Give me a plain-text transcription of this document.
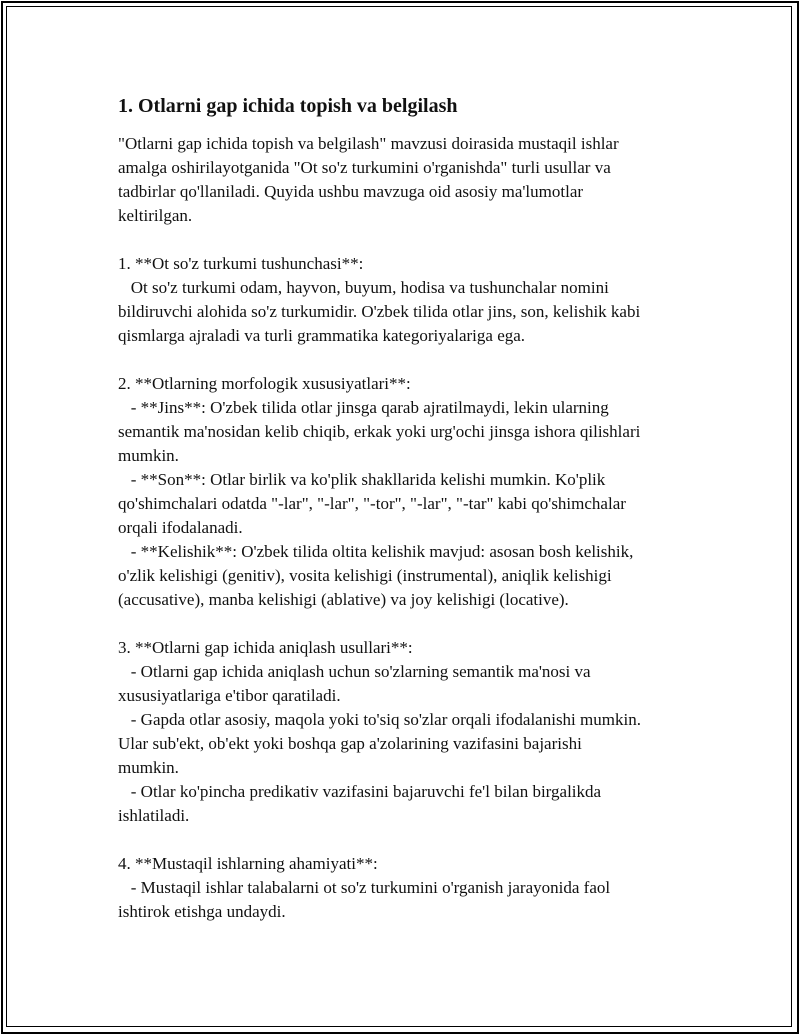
1. Otlarni gap ichida topish va belgilash
"Otlarni gap ichida topish va belgilash" mavzusi doirasida mustaqil ishlar
amalga oshirilayotganida "Ot so'z turkumini o'rganishda" turli usullar va
tadbirlar qo'llaniladi. Quyida ushbu mavzuga oid asosiy ma'lumotlar
keltirilgan.
1. **Ot so'z turkumi tushunchasi**:
Ot so'z turkumi odam, hayvon, buyum, hodisa va tushunchalar nomini
bildiruvchi alohida so'z turkumidir. O'zbek tilida otlar jins, son, kelishik kabi
qismlarga ajraladi va turli grammatika kategoriyalariga ega.
2. **Otlarning morfologik xususiyatlari**:
- **Jins**: O'zbek tilida otlar jinsga qarab ajratilmaydi, lekin ularning
semantik ma'nosidan kelib chiqib, erkak yoki urg'ochi jinsga ishora qilishlari
mumkin.
- **Son**: Otlar birlik va ko'plik shakllarida kelishi mumkin. Ko'plik
qo'shimchalari odatda "-lar", "-lar", "-tor", "-lar", "-tar" kabi qo'shimchalar
orqali ifodalanadi.
- **Kelishik**: O'zbek tilida oltita kelishik mavjud: asosan bosh kelishik,
o'zlik kelishigi (genitiv), vosita kelishigi (instrumental), aniqlik kelishigi
(accusative), manba kelishigi (ablative) va joy kelishigi (locative).
3. **Otlarni gap ichida aniqlash usullari**:
- Otlarni gap ichida aniqlash uchun so'zlarning semantik ma'nosi va
xususiyatlariga e'tibor qaratiladi.
- Gapda otlar asosiy, maqola yoki to'siq so'zlar orqali ifodalanishi mumkin.
Ular sub'ekt, ob'ekt yoki boshqa gap a'zolarining vazifasini bajarishi
mumkin.
- Otlar ko'pincha predikativ vazifasini bajaruvchi fe'l bilan birgalikda
ishlatiladi.
4. **Mustaqil ishlarning ahamiyati**:
- Mustaqil ishlar talabalarni ot so'z turkumini o'rganish jarayonida faol
ishtirok etishga undaydi.
